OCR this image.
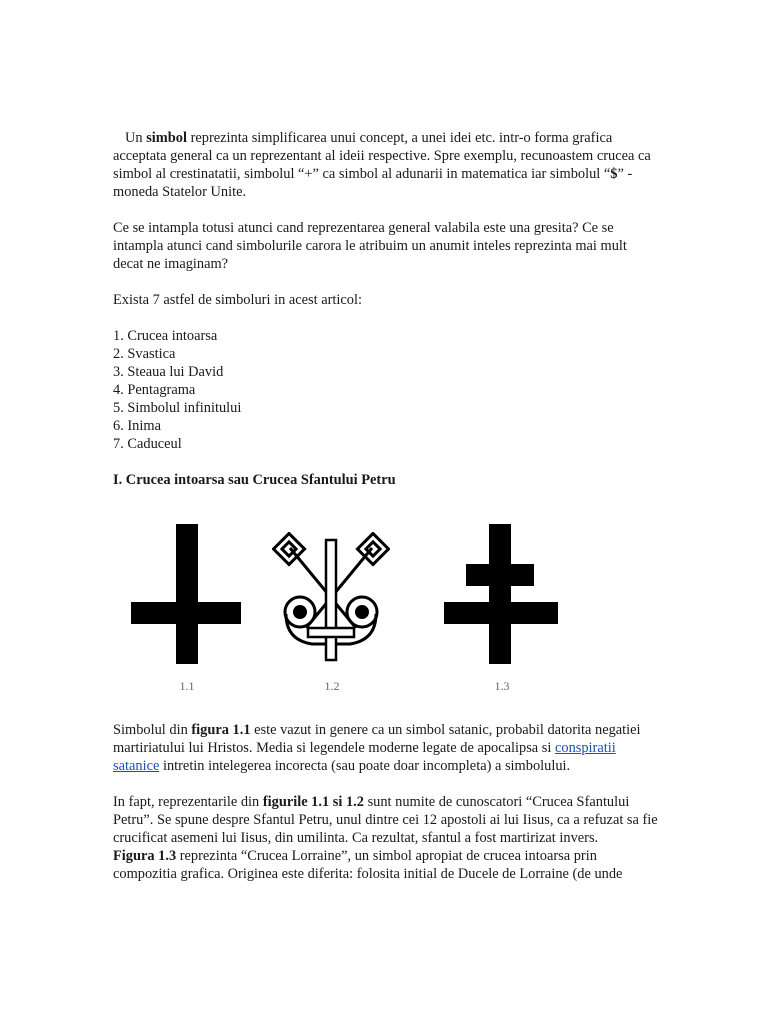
Un simbol reprezinta simplificarea unui concept, a unei idei etc. intr-o forma grafica acceptata general ca un reprezentant al ideii respective. Spre exemplu, recunoastem crucea ca simbol al crestinatatii, simbolul “+” ca simbol al adunarii in matematica iar simbolul “$” - moneda Statelor Unite.

Ce se intampla totusi atunci cand reprezentarea general valabila este una gresita? Ce se intampla atunci cand simbolurile carora le atribuim un anumit inteles reprezinta mai mult decat ne imaginam?

Exista 7 astfel de simboluri in acest articol:

1. Crucea intoarsa

2. Svastica

3. Steaua lui David

4. Pentagrama

5. Simbolul infinitului

6. Inima

7. Caduceul

I. Crucea intoarsa sau Crucea Sfantului Petru

Simbolul din figura 1.1 este vazut in genere ca un simbol satanic, probabil datorita negatiei martiriatului lui Hristos. Media si legendele moderne legate de apocalipsa si conspiratii satanice intretin intelegerea incorecta (sau poate doar incompleta) a simbolului.

In fapt, reprezentarile din figurile 1.1 si 1.2 sunt numite de cunoscatori “Crucea Sfantului Petru”. Se spune despre Sfantul Petru, unul dintre cei 12 apostoli ai lui Iisus, ca a refuzat sa fie crucificat asemeni lui Iisus, din umilinta. Ca rezultat, sfantul a fost martirizat invers.

Figura 1.3 reprezinta “Crucea Lorraine”, un simbol apropiat de crucea intoarsa prin compozitia grafica. Originea este diferita: folosita initial de Ducele de Lorraine (de unde

1.1	1.2	1.3
